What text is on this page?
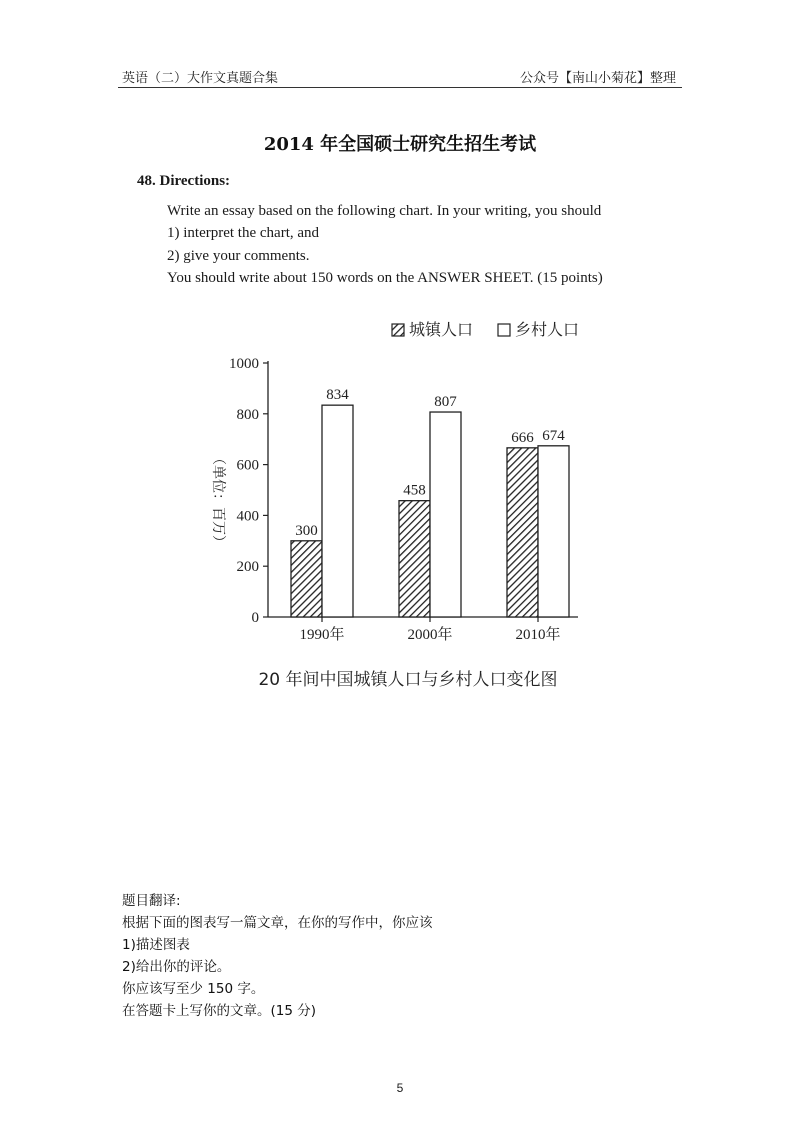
英语（二）大作文真题合集	公众号【南山小菊花】整理
2014 年全国硕士研究生招生考试
48. Directions:
Write an essay based on the following chart. In your writing, you should
1) interpret the chart, and
2) give your comments.
You should write about 150 words on the ANSWER SHEET. (15 points)
0
200
400
600
800
1000
（单位：百万）	300
834
1990年
458
807
2000年
666 674
2010年
城镇人口	乡村人口
20 年间中国城镇人口与乡村人口变化图
题目翻译:
根据下面的图表写一篇文章，在你的写作中，你应该
1)描述图表
2)给出你的评论。
你应该写至少 150 字。
在答题卡上写你的文章。(15 分)
5
